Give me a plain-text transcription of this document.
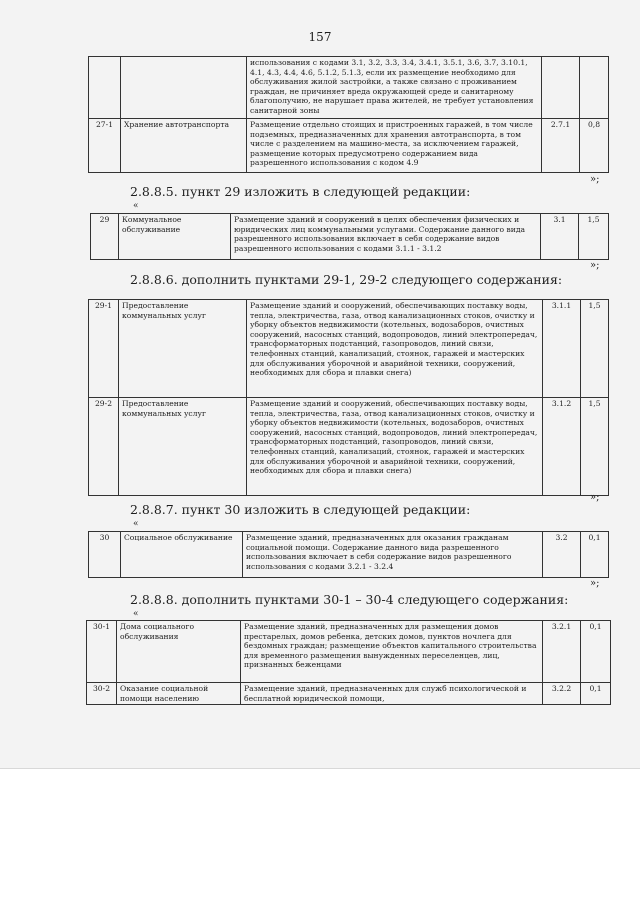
157
		использования с кодами 3.1, 3.2, 3.3, 3.4, 3.4.1, 3.5.1, 3.6, 3.7, 3.10.1, 4.1, 4.3, 4.4, 4.6, 5.1.2, 5.1.3, если их размещение необходимо для обслуживания жилой застройки, а также связано с проживанием граждан, не причиняет вреда окружающей среде и санитарному благополучию, не нарушает права жителей, не требует установления санитарной зоны		
27-1	Хранение автотранспорта	Размещение отдельно стоящих и пристроенных гаражей, в том числе подземных, предназначенных для хранения автотранспорта, в том числе с разделением на машино-места, за исключением гаражей, размещение которых предусмотрено содержанием вида разрешенного использования с кодом 4.9	2.7.1	0,8
»;
2.8.8.5. пункт 29 изложить в следующей редакции:
«
29	Коммунальное обслуживание	Размещение зданий и сооружений в целях обеспечения физических и юридических лиц коммунальными услугами. Содержание данного вида разрешенного использования включает в себя содержание видов разрешенного использования с кодами 3.1.1 - 3.1.2	3.1	1,5
»;
2.8.8.6. дополнить пунктами 29-1, 29-2 следующего содержания:
29-1	Предоставление коммунальных услуг	Размещение зданий и сооружений, обеспечивающих поставку воды, тепла, электричества, газа, отвод канализационных стоков, очистку и уборку объектов недвижимости (котельных, водозаборов, очистных сооружений, насосных станций, водопроводов, линий электропередач, трансформаторных подстанций, газопроводов, линий связи, телефонных станций, канализаций, стоянок, гаражей и мастерских для обслуживания уборочной и аварийной техники, сооружений, необходимых для сбора и плавки снега)	3.1.1	1,5
29-2	Предоставление коммунальных услуг	Размещение зданий и сооружений, обеспечивающих поставку воды, тепла, электричества, газа, отвод канализационных стоков, очистку и уборку объектов недвижимости (котельных, водозаборов, очистных сооружений, насосных станций, водопроводов, линий электропередач, трансформаторных подстанций, газопроводов, линий связи, телефонных станций, канализаций, стоянок, гаражей и мастерских для обслуживания уборочной и аварийной техники, сооружений, необходимых для сбора и плавки снега)	3.1.2	1,5
»;
2.8.8.7. пункт 30 изложить в следующей редакции:
«
30	Социальное обслуживание	Размещение зданий, предназначенных для оказания гражданам социальной помощи. Содержание данного вида разрешенного использования включает в себя содержание видов разрешенного использования с кодами 3.2.1 - 3.2.4	3.2	0,1
»;
2.8.8.8. дополнить пунктами 30-1 – 30-4 следующего содержания:
«
30-1	Дома социального обслуживания	Размещение зданий, предназначенных для размещения домов престарелых, домов ребенка, детских домов, пунктов ночлега для бездомных граждан; размещение объектов капитального строительства для временного размещения вынужденных переселенцев, лиц, признанных беженцами	3.2.1	0,1
30-2	Оказание социальной помощи населению	Размещение зданий, предназначенных для служб психологической и бесплатной юридической помощи,	3.2.2	0,1
